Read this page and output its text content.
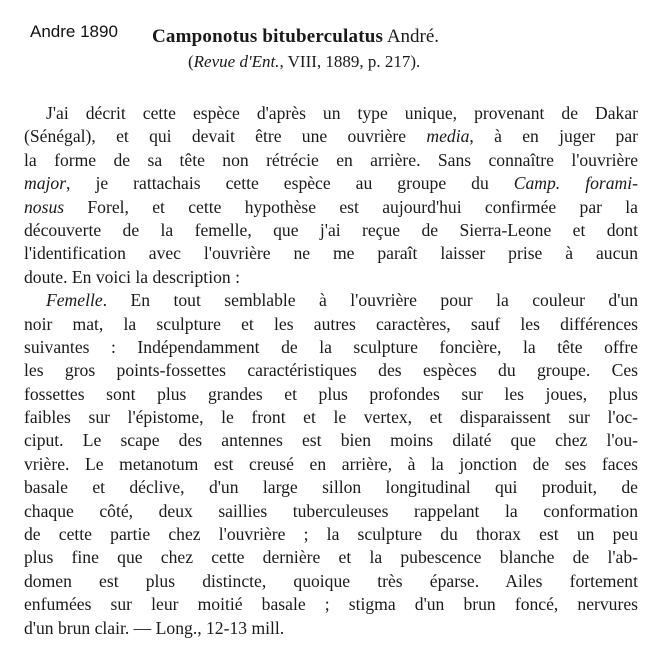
Andre 1890 Camponotus bituberculatus André.
(Revue d'Ent., VIII, 1889, p. 217).
J'ai décrit cette espèce d'après un type unique, provenant de Dakar
(Sénégal), et qui devait être une ouvrière media, à en juger par
la forme de sa tête non rétrécie en arrière. Sans connaître l'ouvrière
major, je rattachais cette espèce au groupe du Camp. forami-
nosus Forel, et cette hypothèse est aujourd'hui confirmée par la
découverte de la femelle, que j'ai reçue de Sierra-Leone et dont
l'identification avec l'ouvrière ne me paraît laisser prise à aucun
doute. En voici la description :
Femelle. En tout semblable à l'ouvrière pour la couleur d'un
noir mat, la sculpture et les autres caractères, sauf les différences
suivantes : Indépendamment de la sculpture foncière, la tête offre
les gros points-fossettes caractéristiques des espèces du groupe. Ces
fossettes sont plus grandes et plus profondes sur les joues, plus
faibles sur l'épistome, le front et le vertex, et disparaissent sur l'oc-
ciput. Le scape des antennes est bien moins dilaté que chez l'ou-
vrière. Le metanotum est creusé en arrière, à la jonction de ses faces
basale et déclive, d'un large sillon longitudinal qui produit, de
chaque côté, deux saillies tuberculeuses rappelant la conformation
de cette partie chez l'ouvrière ; la sculpture du thorax est un peu
plus fine que chez cette dernière et la pubescence blanche de l'ab-
domen est plus distincte, quoique très éparse. Ailes fortement
enfumées sur leur moitié basale ; stigma d'un brun foncé, nervures
d'un brun clair. — Long., 12-13 mill.
